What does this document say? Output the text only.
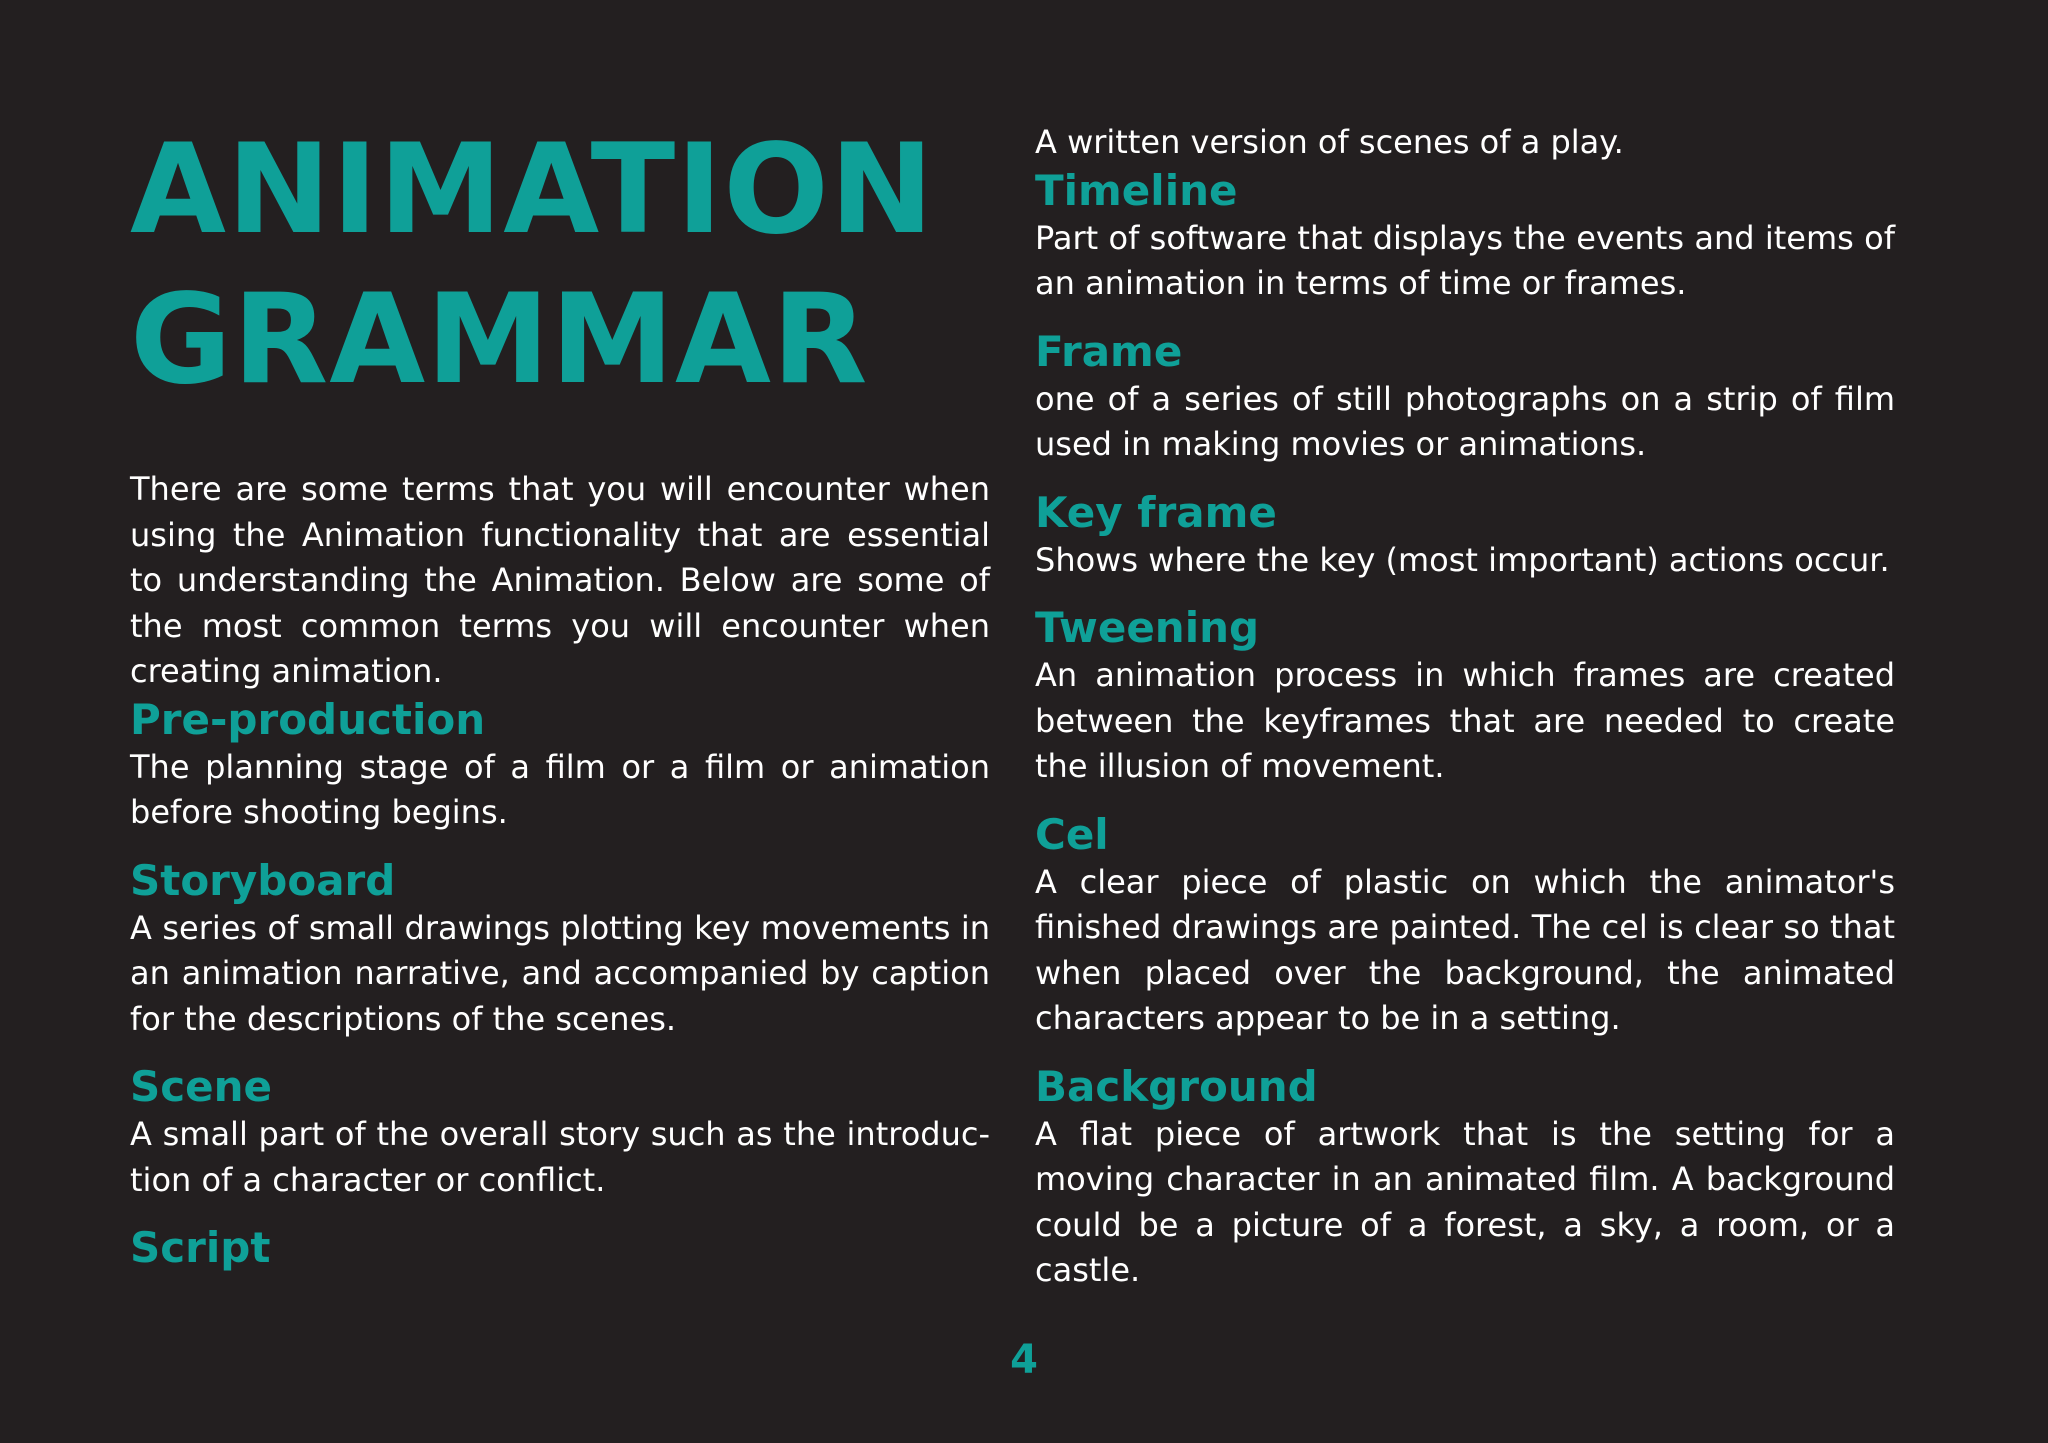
ANIMATION
GRAMMAR

There are some terms that you will encounter when using the Animation functionality that are essential to understanding the Animation. Below are some of the most common terms you will encounter when creating animation.

Pre-production
The planning stage of a film or a film or animation before shooting begins.
Storyboard
A series of small drawings plotting key movements in an animation narrative, and accompanied by caption for the descriptions of the scenes.
Scene
A small part of the overall story such as the introduc-tion of a character or conflict.
Script
A written version of scenes of a play.
Timeline
Part of software that displays the events and items of an animation in terms of time or frames.
Frame
one of a series of still photographs on a strip of film used in making movies or animations.
Key frame
Shows where the key (most important) actions occur.
Tweening
An animation process in which frames are created between the keyframes that are needed to create the illusion of movement.
Cel
A clear piece of plastic on which the animator's finished drawings are painted. The cel is clear so that when placed over the background, the animated characters appear to be in a setting.
Background
A flat piece of artwork that is the setting for a moving character in an animated film. A background could be a picture of a forest, a sky, a room, or a castle.
4
